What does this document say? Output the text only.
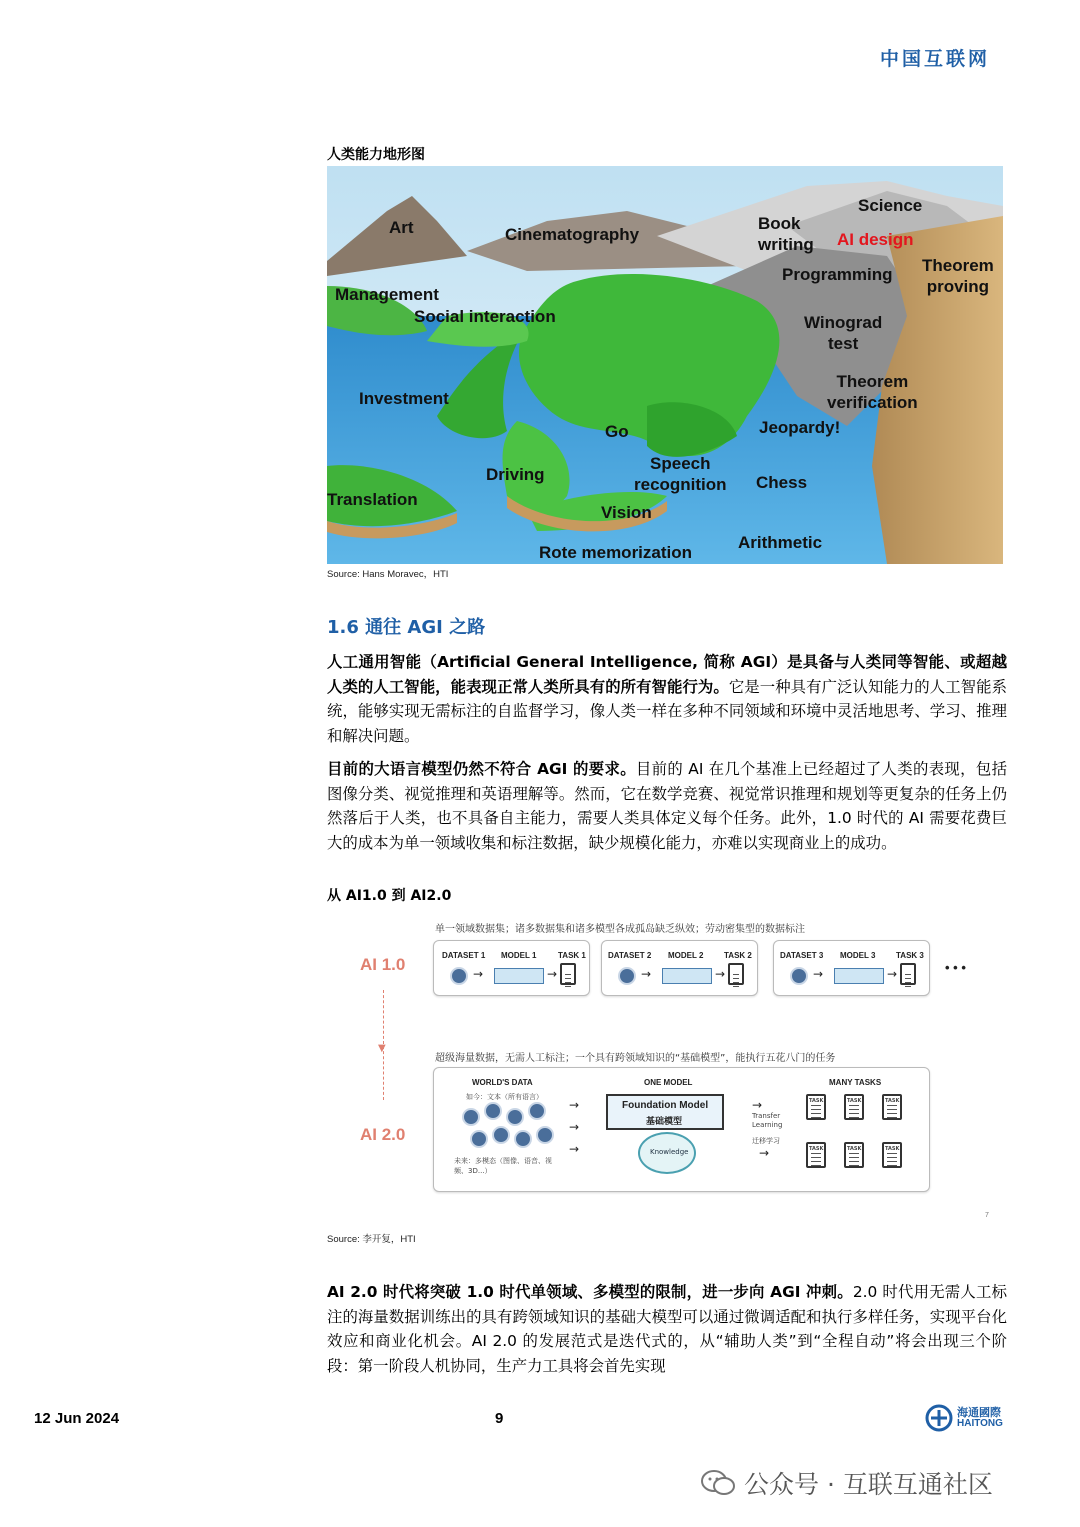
中国互联网
人类能力地形图
Art	Cinematography
Book
writing
Science
AI design
Programming Theorem
proving
Management
Social interaction	Winograd
test
Theorem
verification
Investment
Jeopardy!
Go
Speech
recognition
Driving	Chess
Translation
Vision
Arithmetic
Rote memorization
Source: Hans Moravec，HTI
1.6 通往 AGI 之路
人工通用智能（Artificial General Intelligence, 简称 AGI）是具备与人类同等智能、或超越人类的人工智能，能表现正常人类所具有的所有智能行为。它是一种具有广泛认知能力的人工智能系统，能够实现无需标注的自监督学习，像人类一样在多种不同领域和环境中灵活地思考、学习、推理和解决问题。
目前的大语言模型仍然不符合 AGI 的要求。目前的 AI 在几个基准上已经超过了人类的表现，包括图像分类、视觉推理和英语理解等。然而，它在数学竞赛、视觉常识推理和规划等更复杂的任务上仍然落后于人类，也不具备自主能力，需要人类具体定义每个任务。此外，1.0 时代的 AI 需要花费巨大的成本为单一领域收集和标注数据，缺少规模化能力，亦难以实现商业上的成功。
从 AI1.0 到 AI2.0
单一领域数据集；诸多数据集和诸多模型各成孤岛缺乏纵效；劳动密集型的数据标注
AI 1.0	DATASET 1 MODEL 1	TASK 1
→	→
DATASET 2 MODEL 2	TASK 2
→	→
DATASET 3 MODEL 3	TASK 3
→	→	• • •
▼
超级海量数据，无需人工标注；一个具有跨领域知识的“基础模型”，能执行五花八门的任务
AI 2.0
WORLD'S DATA
如今：文本（所有语言）
未来：多模态（图像、语音、视频、3D...）
→
→
→
ONE MODEL
Foundation Model
基础模型
Knowledge
→
Transfer
Learning
迁移学习
→
MANY TASKS
TASK	TASK	TASK
TASK	TASK	TASK
7
Source: 李开复，HTI
AI 2.0 时代将突破 1.0 时代单领域、多模型的限制，进一步向 AGI 冲刺。2.0 时代用无需人工标注的海量数据训练出的具有跨领域知识的基础大模型可以通过微调适配和执行多样任务，实现平台化效应和商业化机会。AI 2.0 的发展范式是迭代式的，从“辅助人类”到“全程自动”将会出现三个阶段：第一阶段人机协同，生产力工具将会首先实现
12 Jun 2024	9	海通國際
HAITONG
公众号 · 互联互通社区
